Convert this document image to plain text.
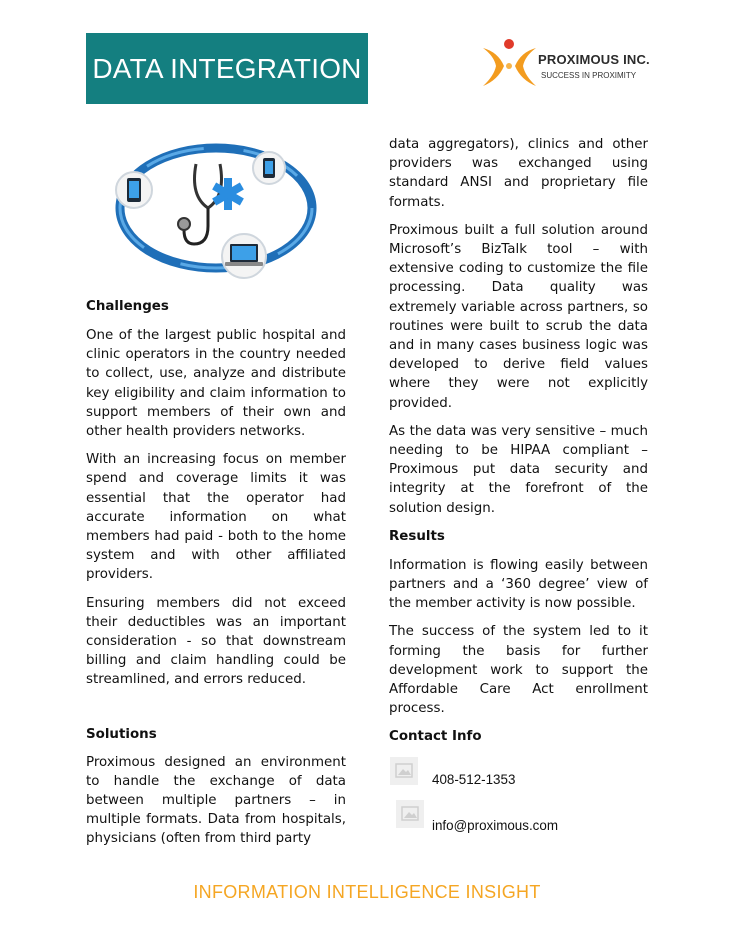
DATA INTEGRATION	PROXIMOUS INC.
SUCCESS IN PROXIMITY
Challenges

One of the largest public hospital and clinic operators in the country needed to collect, use, analyze and distribute key eligibility and claim information to support members of their own and other health providers networks.

With an increasing focus on member spend and coverage limits it was essential that the operator had accurate information on what members had paid - both to the home system and with other affiliated providers.

Ensuring members did not exceed their deductibles was an important consideration - so that downstream billing and claim handling could be streamlined, and errors reduced.

Solutions

Proximous designed an environment to handle the exchange of data between multiple partners – in multiple formats. Data from hospitals, physicians (often from third party

data aggregators), clinics and other providers was exchanged using standard ANSI and proprietary file formats.

Proximous built a full solution around Microsoft’s BizTalk tool – with extensive coding to customize the file processing. Data quality was extremely variable across partners, so routines were built to scrub the data and in many cases business logic was developed to derive field values where they were not explicitly provided.

As the data was very sensitive – much needing to be HIPAA compliant – Proximous put data security and integrity at the forefront of the solution design.

Results

Information is flowing easily between partners and a ‘360 degree’ view of the member activity is now possible.

The success of the system led to it forming the basis for further development work to support the Affordable Care Act enrollment process.

Contact Info
408-512-1353
info@proximous.com
INFORMATION INTELLIGENCE INSIGHT
